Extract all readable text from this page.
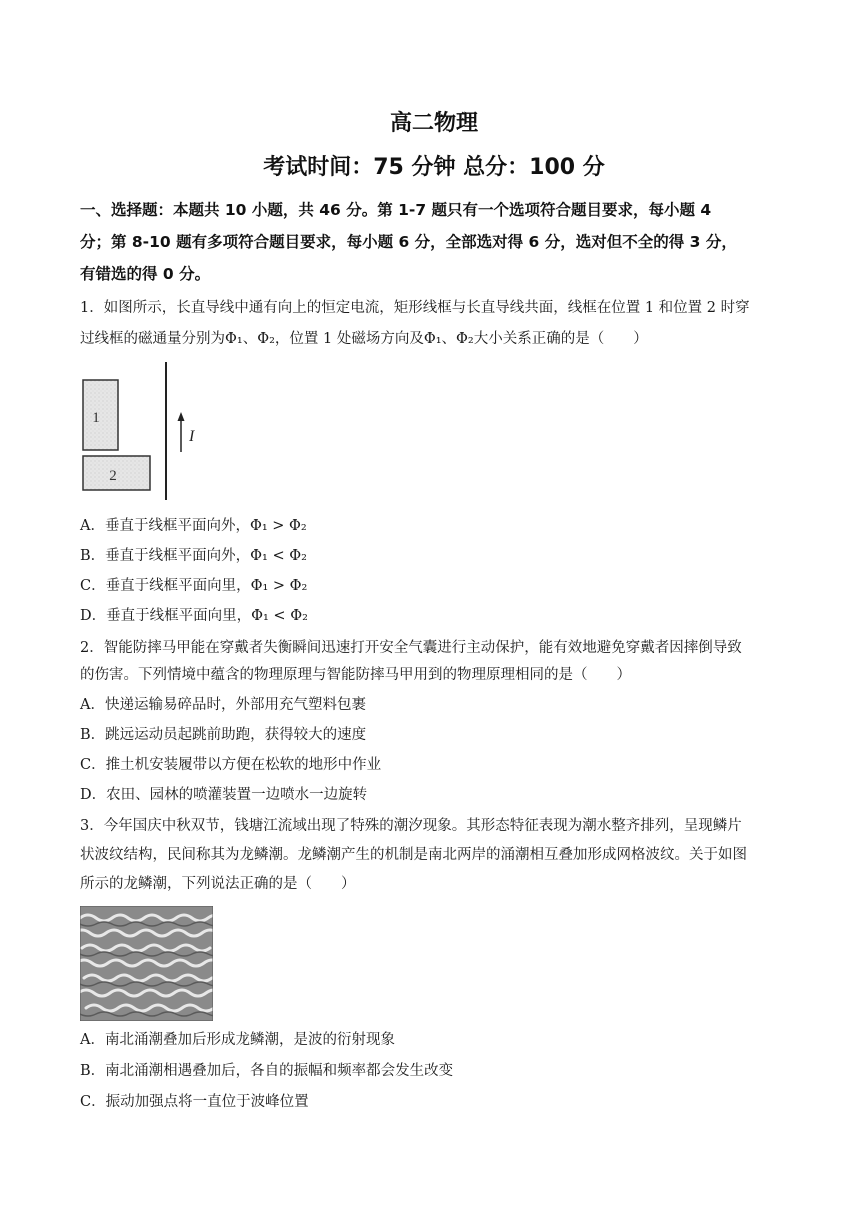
高二物理
考试时间：75 分钟 总分：100 分
一、选择题：本题共 10 小题，共 46 分。第 1-7 题只有一个选项符合题目要求，每小题 4
分；第 8-10 题有多项符合题目要求，每小题 6 分，全部选对得 6 分，选对但不全的得 3 分，
有错选的得 0 分。
1．如图所示，长直导线中通有向上的恒定电流，矩形线框与长直导线共面，线框在位置 1 和位置 2 时穿
过线框的磁通量分别为Φ₁、Φ₂，位置 1 处磁场方向及Φ₁、Φ₂大小关系正确的是（　　）
1
2
I
A．垂直于线框平面向外，Φ₁ > Φ₂
B．垂直于线框平面向外，Φ₁ < Φ₂
C．垂直于线框平面向里，Φ₁ > Φ₂
D．垂直于线框平面向里，Φ₁ < Φ₂
2．智能防摔马甲能在穿戴者失衡瞬间迅速打开安全气囊进行主动保护，能有效地避免穿戴者因摔倒导致
的伤害。下列情境中蕴含的物理原理与智能防摔马甲用到的物理原理相同的是（　　）
A．快递运输易碎品时，外部用充气塑料包裹
B．跳远运动员起跳前助跑，获得较大的速度
C．推土机安装履带以方便在松软的地形中作业
D．农田、园林的喷灌装置一边喷水一边旋转
3．今年国庆中秋双节，钱塘江流域出现了特殊的潮汐现象。其形态特征表现为潮水整齐排列，呈现鳞片
状波纹结构，民间称其为龙鳞潮。龙鳞潮产生的机制是南北两岸的涌潮相互叠加形成网格波纹。关于如图
所示的龙鳞潮，下列说法正确的是（　　）
A．南北涌潮叠加后形成龙鳞潮，是波的衍射现象
B．南北涌潮相遇叠加后，各自的振幅和频率都会发生改变
C．振动加强点将一直位于波峰位置
